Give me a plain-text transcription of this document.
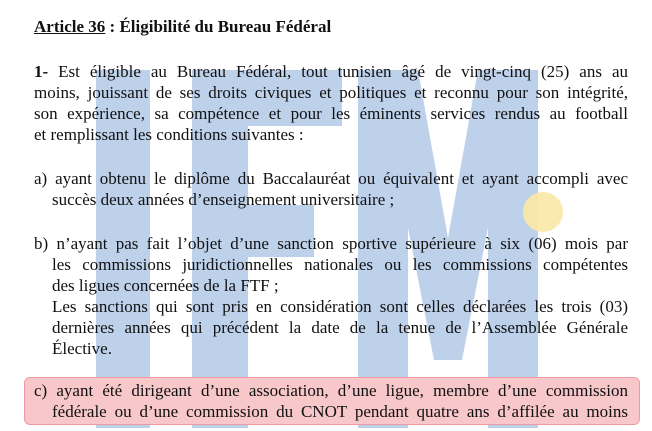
Article 36 : Éligibilité du Bureau Fédéral
1- Est éligible au Bureau Fédéral, tout tunisien âgé de vingt-cinq (25) ans au
moins, jouissant de ses droits civiques et politiques et reconnu pour son intégrité,
son expérience, sa compétence et pour les éminents services rendus au football
et remplissant les conditions suivantes :
a) ayant obtenu le diplôme du Baccalauréat ou équivalent et ayant accompli avec
succès deux années d’enseignement universitaire ;
b) n’ayant pas fait l’objet d’une sanction sportive supérieure à six (06) mois par
les commissions juridictionnelles nationales ou les commissions compétentes
des ligues concernées de la FTF ;
Les sanctions qui sont pris en considération sont celles déclarées les trois (03)
dernières années qui précédent la date de la tenue de l’Assemblée Générale
Élective.
c) ayant été dirigeant d’une association, d’une ligue, membre d’une commission
fédérale ou d’une commission du CNOT pendant quatre ans d’affilée au moins
